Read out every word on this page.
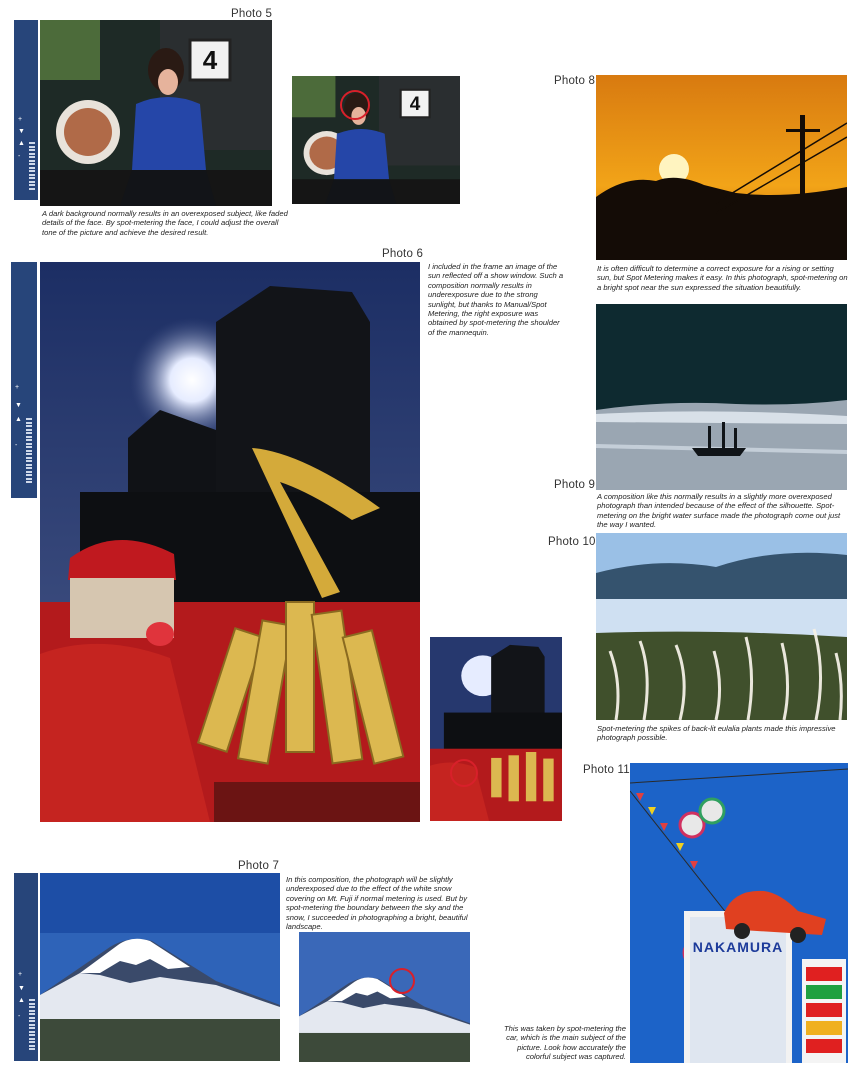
Photo 5
+
▼
▲
-
4
4
A dark background normally results in an overexposed subject, like faded details of the face. By spot-metering the face, I could adjust the overall tone of the picture and achieve the desired result.
Photo 6
+
▼
▲
-
I included in the frame an image of the sun reflected off a show window. Such a composition normally results in underexposure due to the strong sunlight, but thanks to Manual/Spot Metering, the right exposure was obtained by spot-metering the shoulder of the mannequin.
Photo 7
+
▼
▲
-
In this composition, the photograph will be slightly underexposed due to the effect of the white snow covering on Mt. Fuji if normal metering is used. But by spot-metering the boundary between the sky and the snow, I succeeded in photographing a bright, beautiful landscape.
Photo 8
It is often difficult to determine a correct exposure for a rising or setting sun, but Spot Metering makes it easy. In this photograph, spot-metering on a bright spot near the sun expressed the situation beautifully.
Photo 9
A composition like this normally results in a slightly more overexposed photograph than intended because of the effect of the silhouette. Spot-metering on the bright water surface made the photograph come out just the way I wanted.
Photo 10
Spot-metering the spikes of back-lit eulalia plants made this impressive photograph possible.
Photo 11
NAKAMURA
This was taken by spot-metering the car, which is the main subject of the picture. Look how accurately the colorful subject was captured.
